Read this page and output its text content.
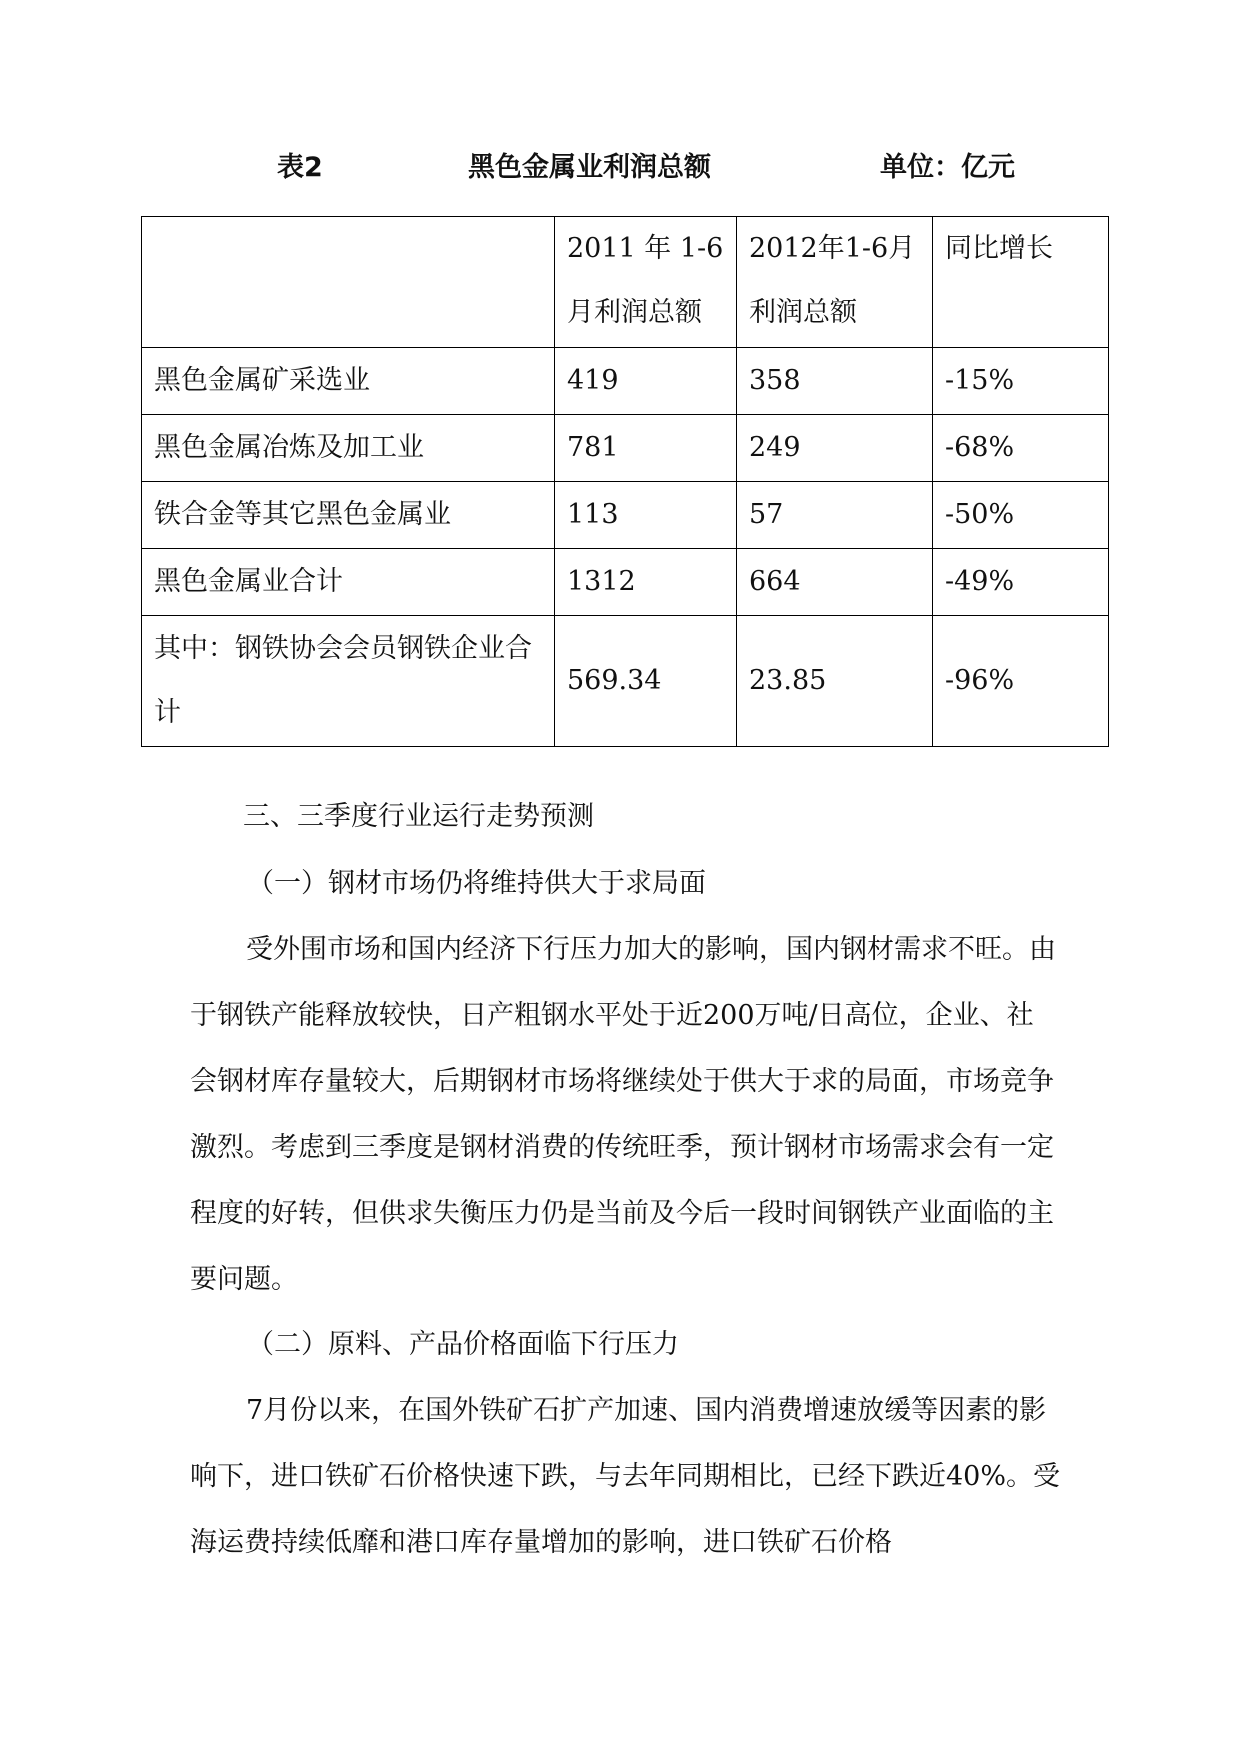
表2	黑色金属业利润总额	单位：亿元
	2011 年 1-6 月利润总额	2012年1-6月利润总额	同比增长
黑色金属矿采选业	419	358	-15%
黑色金属冶炼及加工业	781	249	-68%
铁合金等其它黑色金属业	113	57	-50%
黑色金属业合计	1312	664	-49%
其中：钢铁协会会员钢铁企业合计	569.34	23.85	-96%

三、三季度行业运行走势预测

（一）钢材市场仍将维持供大于求局面

受外围市场和国内经济下行压力加大的影响，国内钢材需求不旺。由于钢铁产能释放较快，日产粗钢水平处于近200万吨/日高位，企业、社会钢材库存量较大，后期钢材市场将继续处于供大于求的局面，市场竞争激烈。考虑到三季度是钢材消费的传统旺季，预计钢材市场需求会有一定程度的好转，但供求失衡压力仍是当前及今后一段时间钢铁产业面临的主要问题。

（二）原料、产品价格面临下行压力

7月份以来，在国外铁矿石扩产加速、国内消费增速放缓等因素的影响下，进口铁矿石价格快速下跌，与去年同期相比，已经下跌近40%。受海运费持续低靡和港口库存量增加的影响，进口铁矿石价格
